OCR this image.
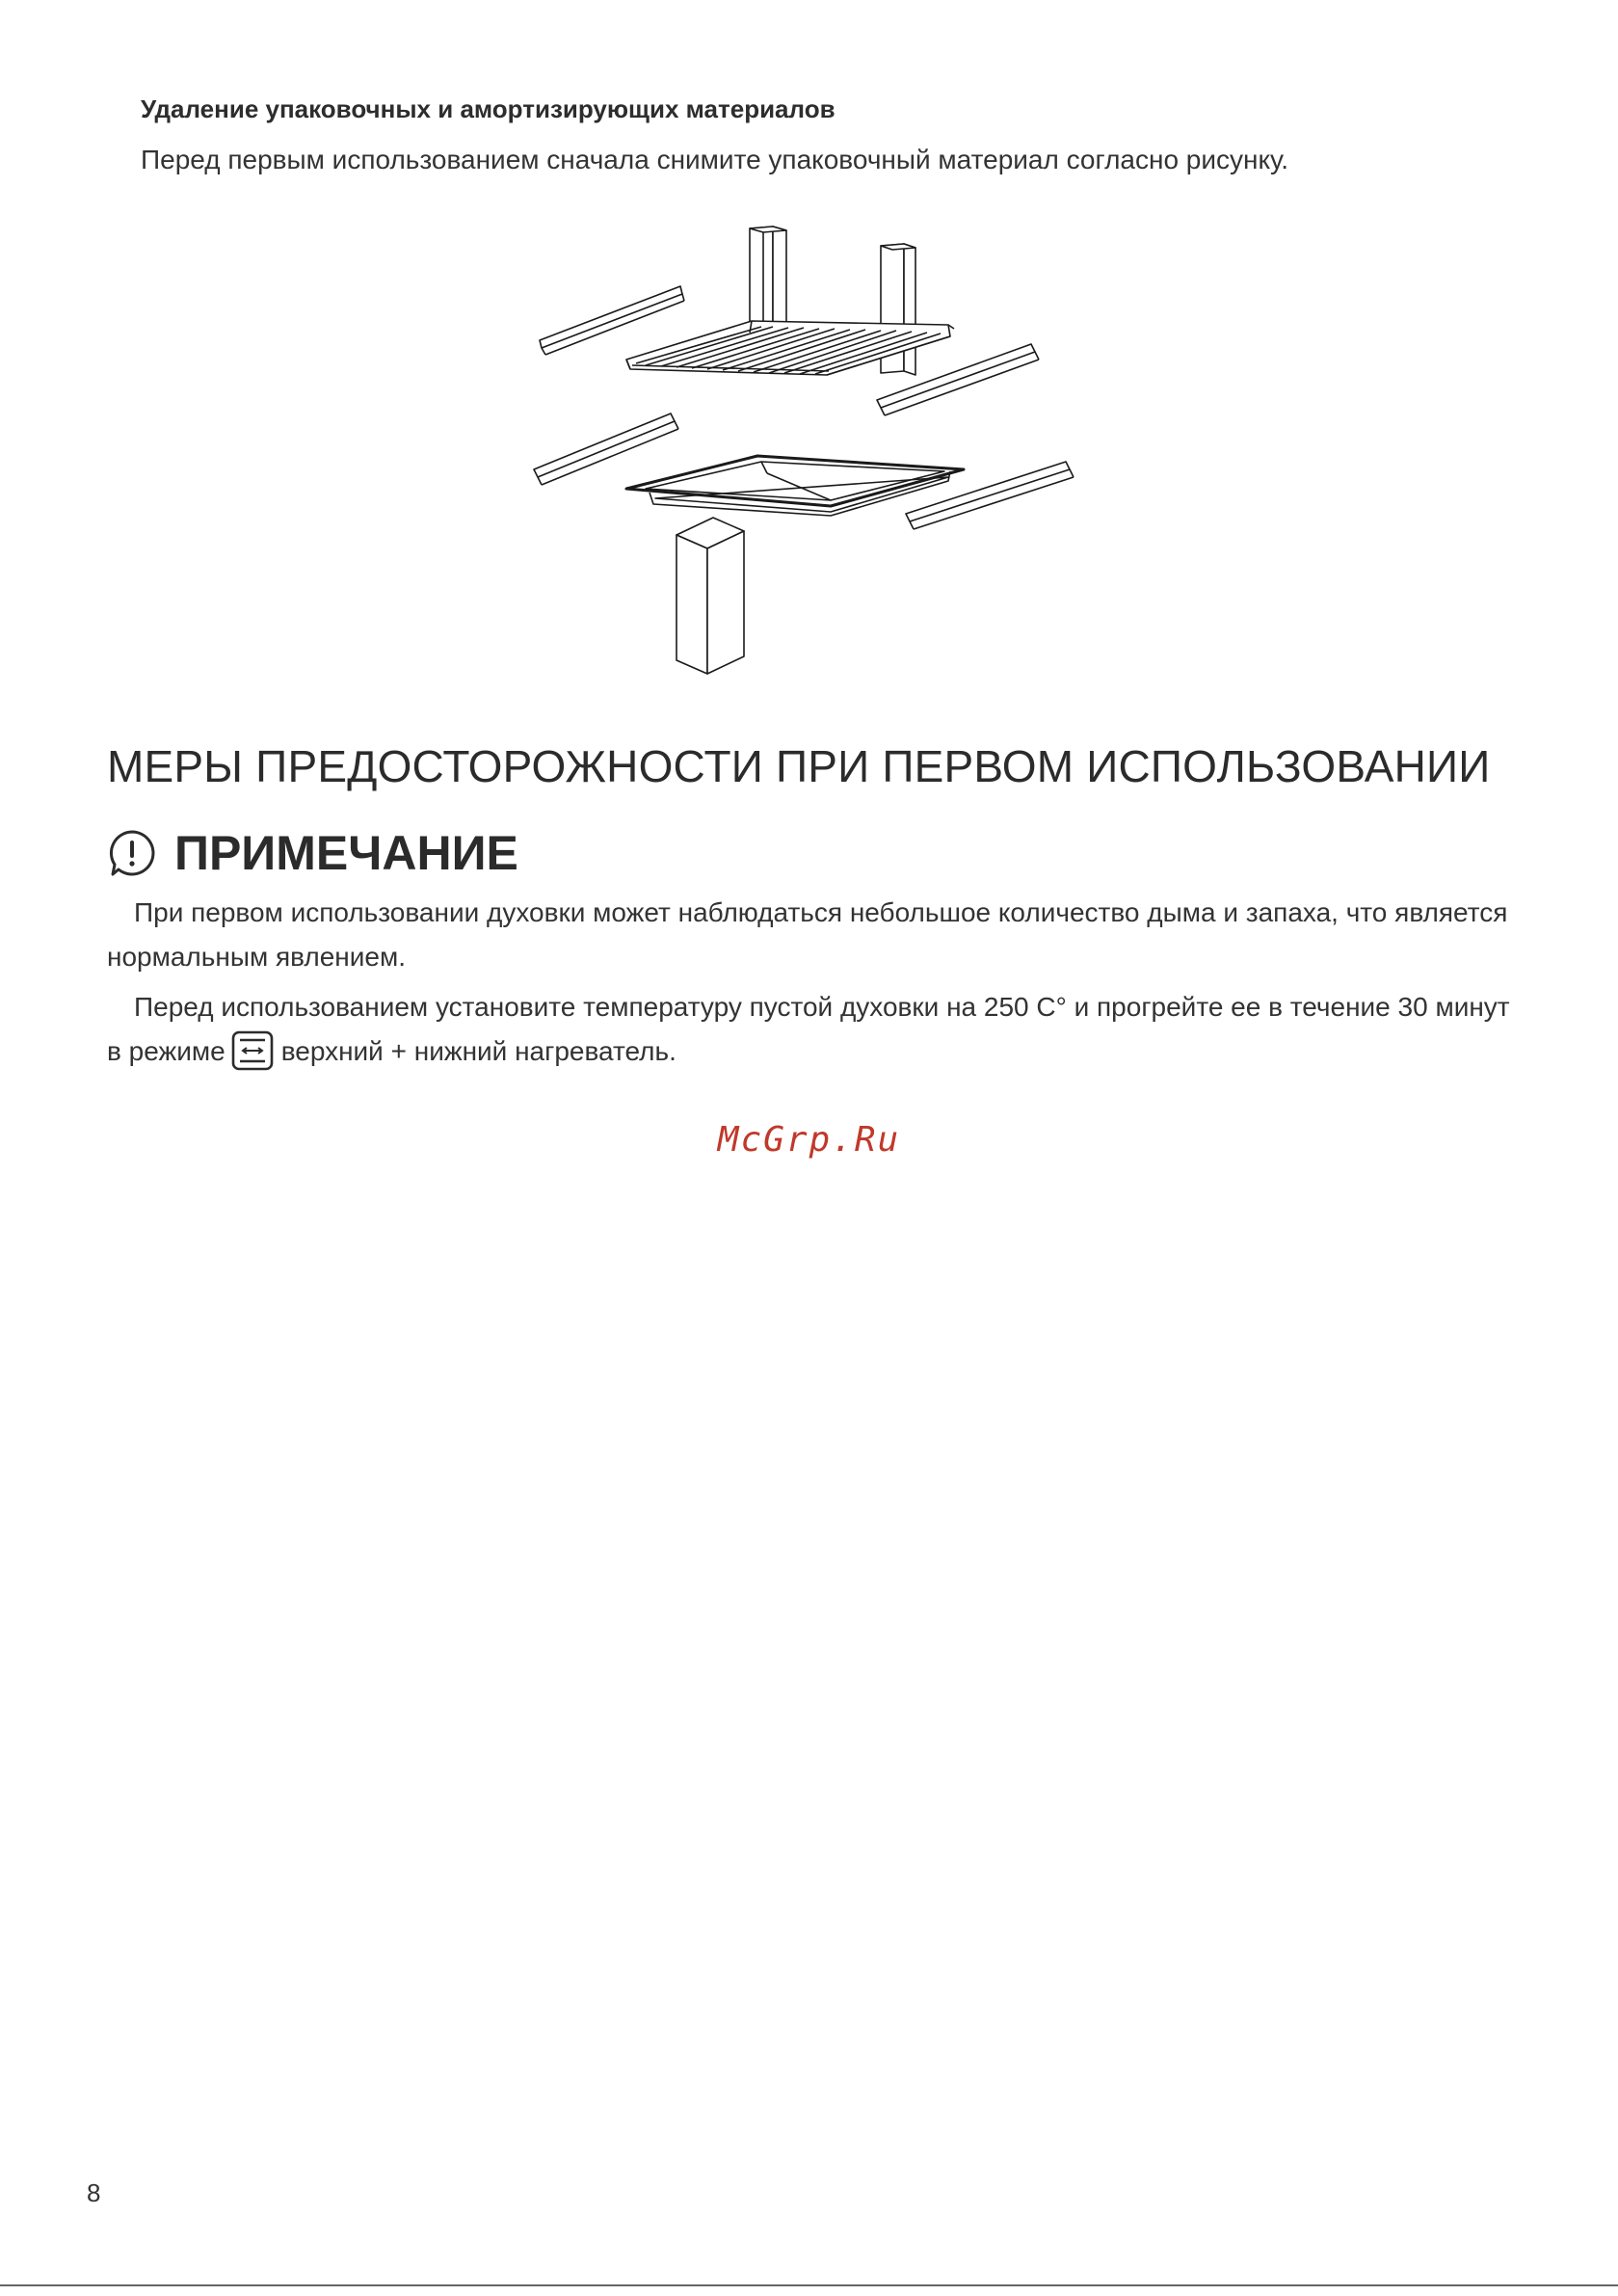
Удаление упаковочных и амортизирующих материалов

Перед первым использованием сначала снимите упаковочный материал согласно рисунку.

МЕРЫ ПРЕДОСТОРОЖНОСТИ ПРИ ПЕРВОМ ИСПОЛЬЗОВАНИИ
ПРИМЕЧАНИЕ

При первом использовании духовки может наблюдаться небольшое количество дыма и запаха, что является нормальным явлением.

Перед использованием установите температуру пустой духовки на 250 С° и прогрейте ее в течение 30 минут в режиме верхний + нижний нагреватель.

McGrp.Ru
8
